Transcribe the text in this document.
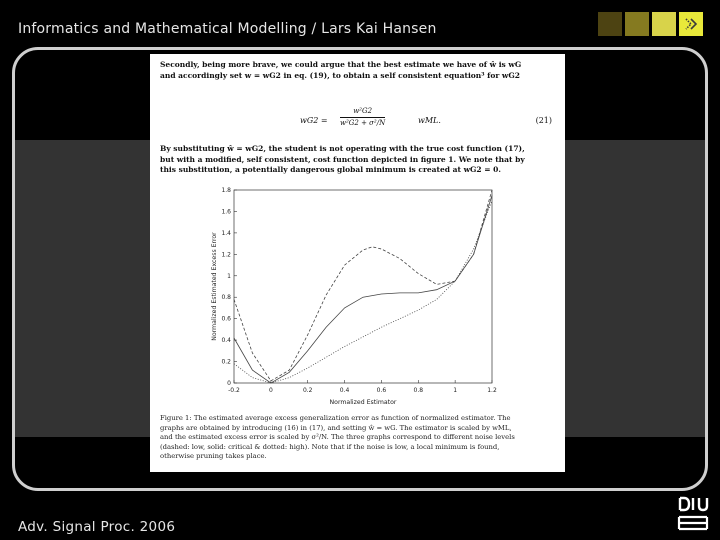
Informatics and Mathematical Modelling / Lars Kai Hansen
Secondly, being more brave, we could argue that the best estimate we have of ŵ is wG
and accordingly set w = wG2 in eq. (19), to obtain a self consistent equation³ for wG2
$wG2 = \frac{\text{w²G2}}{\text{w²G2 + σ²/N}}$	wML.	(21)
By substituting ŵ = wG2, the student is not operating with the true cost function (17),
but with a modified, self consistent, cost function depicted in figure 1. We note that by
this substitution, a potentially dangerous global minimum is created at wG2 = 0.
-0.2	0	0.2	0.4	0.6	0.8	1	1.2
0
0.2
0.4
0.6
0.8
1
1.2
1.4
1.6
1.8
Normalized Estimator
Normalized Estimated Excess Error
Figure 1: The estimated average excess generalization error as function of normalized estimator. The
graphs are obtained by introducing (16) in (17), and setting ŵ = wG. The estimator is scaled by wML,
and the estimated excess error is scaled by σ²/N. The three graphs correspond to different noise levels
(dashed: low, solid: critical & dotted: high). Note that if the noise is low, a local minimum is found,
otherwise pruning takes place.
Adv. Signal Proc. 2006
